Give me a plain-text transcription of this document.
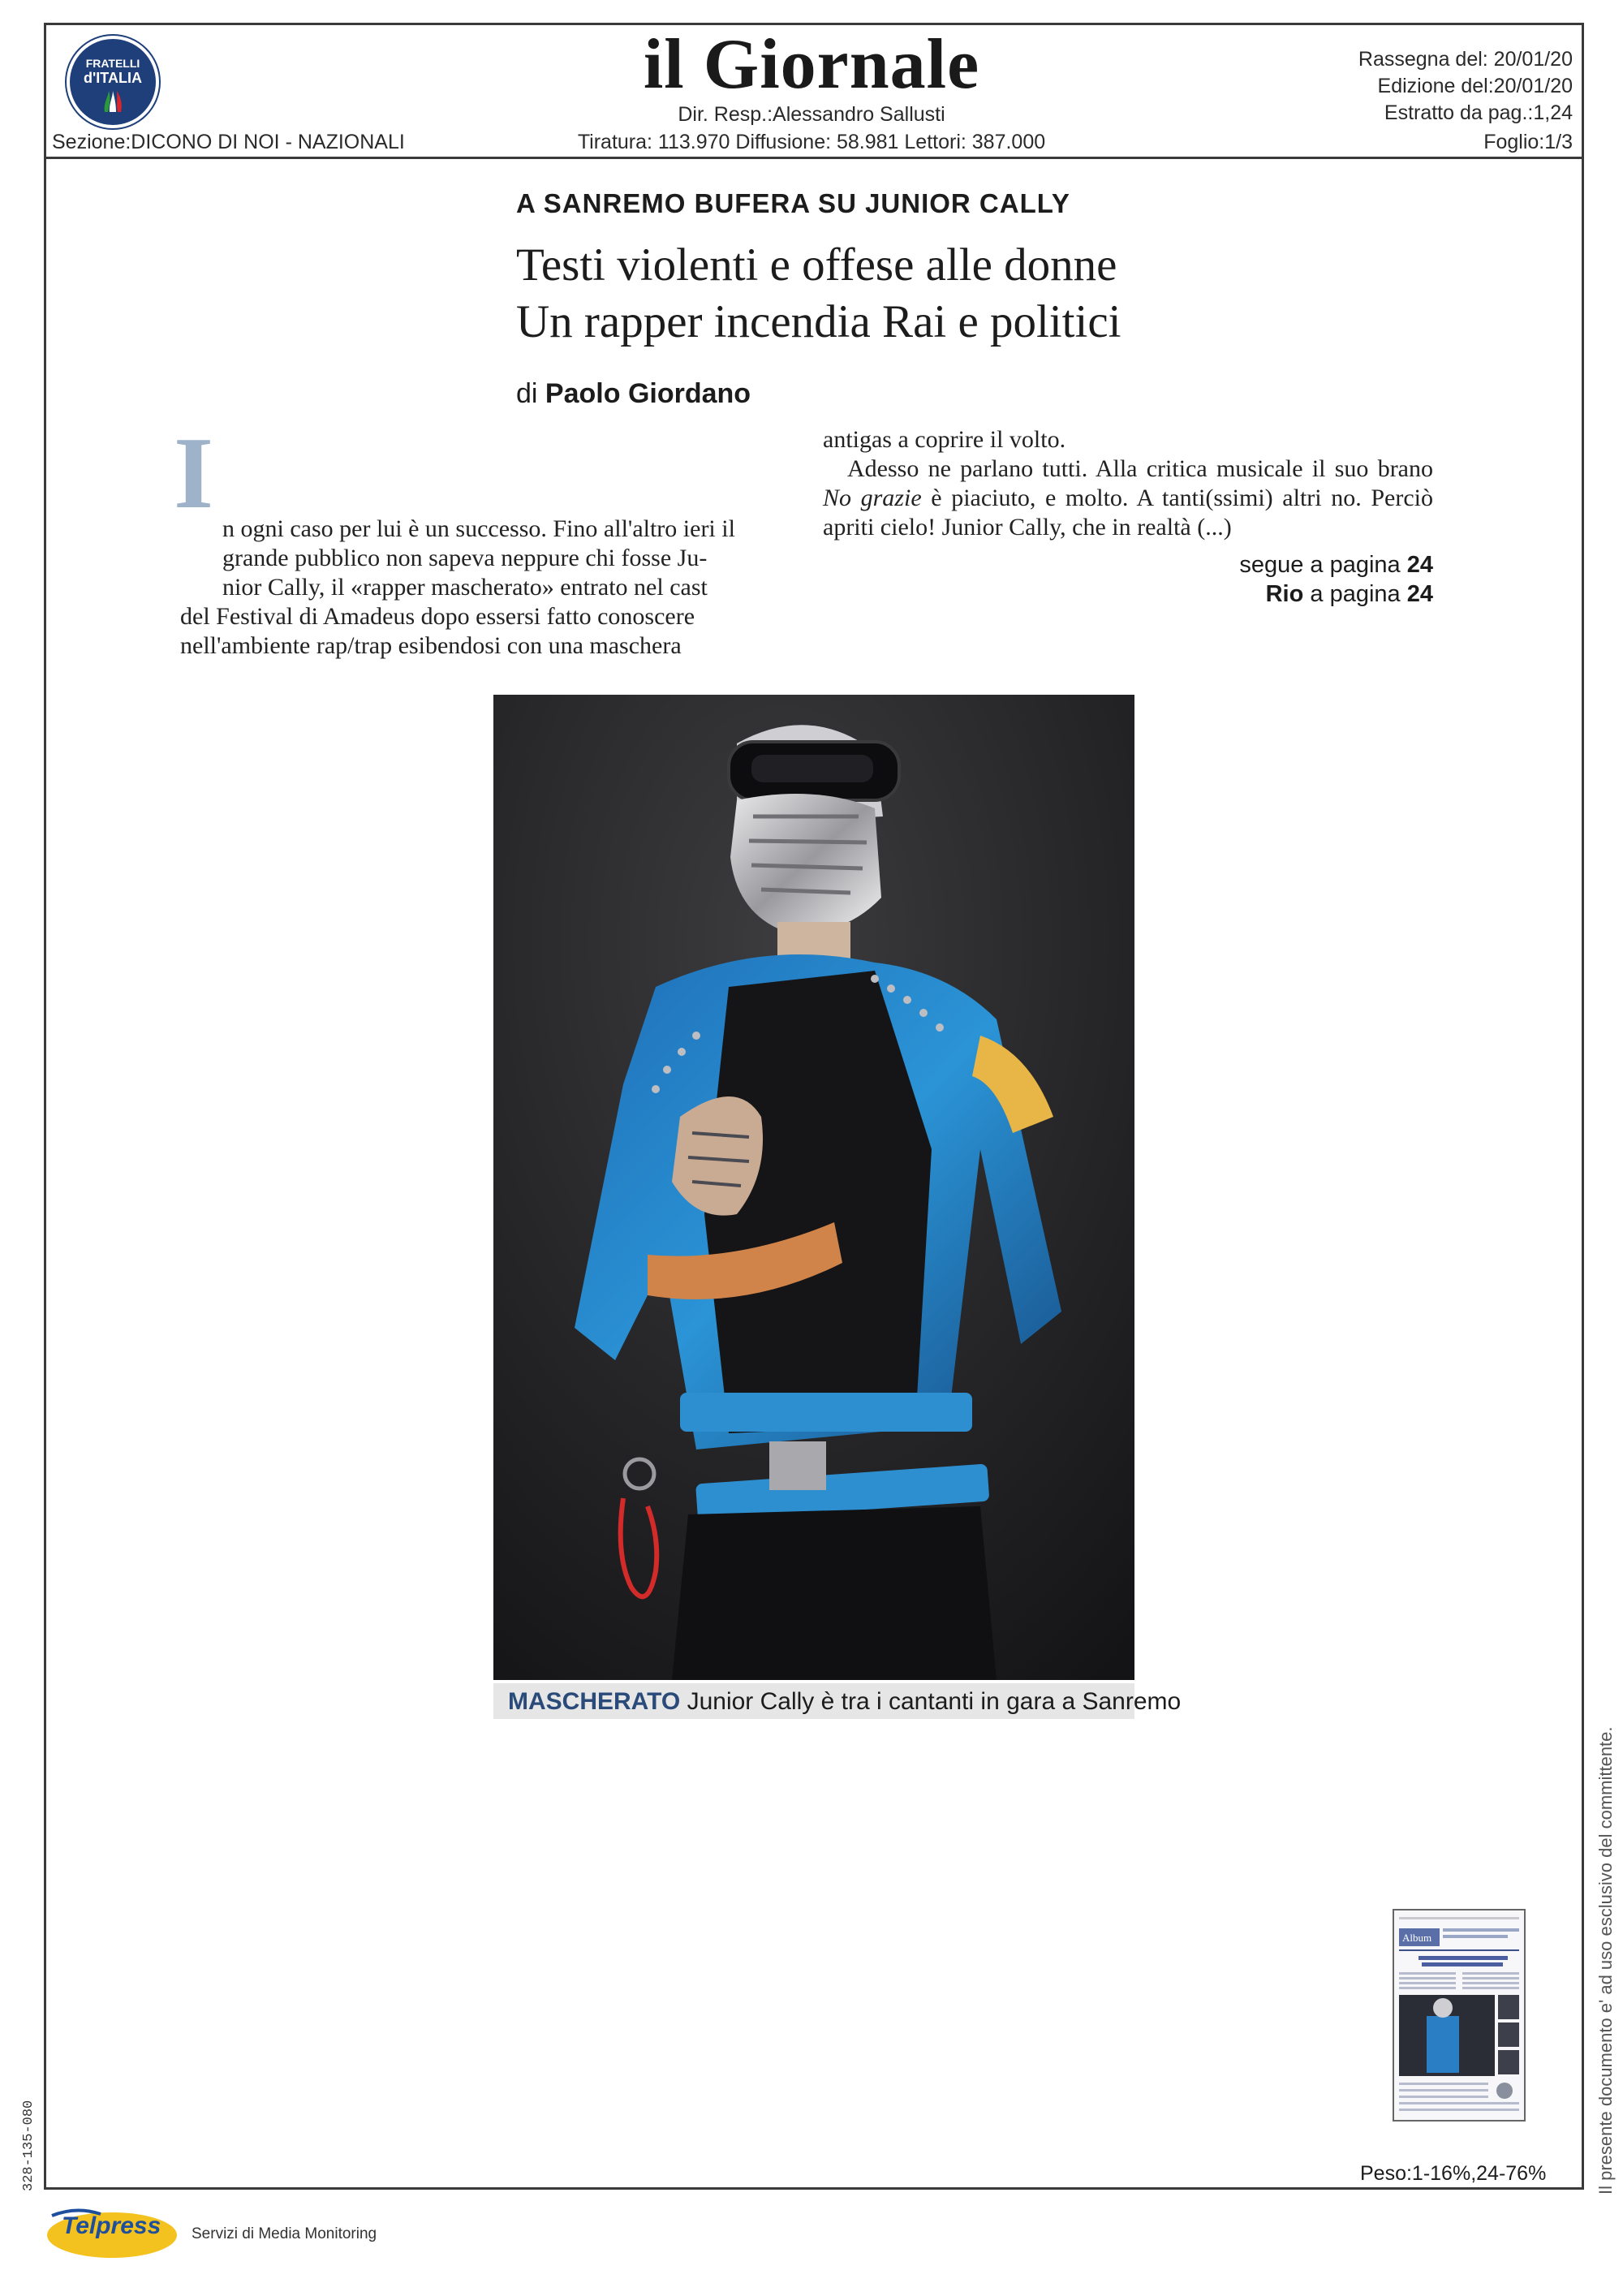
FRATELLI
d'ITALIA	il Giornale
Dir. Resp.:Alessandro Sallusti
Sezione:DICONO DI NOI - NAZIONALI	Tiratura: 113.970 Diffusione: 58.981 Lettori: 387.000
Rassegna del: 20/01/20
Edizione del:20/01/20
Estratto da pag.:1,24
Foglio:1/3
A SANREMO BUFERA SU JUNIOR CALLY
Testi violenti e offese alle donne
Un rapper incendia Rai e politici
di Paolo Giordano
I n ogni caso per lui è un successo. Fino all'altro ieri il

grande pubblico non sapeva neppure chi fosse Ju-

nior Cally, il «rapper mascherato» entrato nel cast

del Festival di Amadeus dopo essersi fatto conoscere

nell'ambiente rap/trap esibendosi con una maschera

antigas a coprire il volto.

Adesso ne parlano tutti. Alla critica musicale il suo brano No grazie è piaciuto, e molto. A tanti(ssimi) altri no. Perciò apriti cielo! Junior Cally, che in realtà (...)

segue a pagina 24
Rio a pagina 24
MASCHERATO Junior Cally è tra i cantanti in gara a Sanremo
Il presente documento e' ad uso esclusivo del committente.
328-135-080
Album
Peso:1-16%,24-76%
Telpress Servizi di Media Monitoring
